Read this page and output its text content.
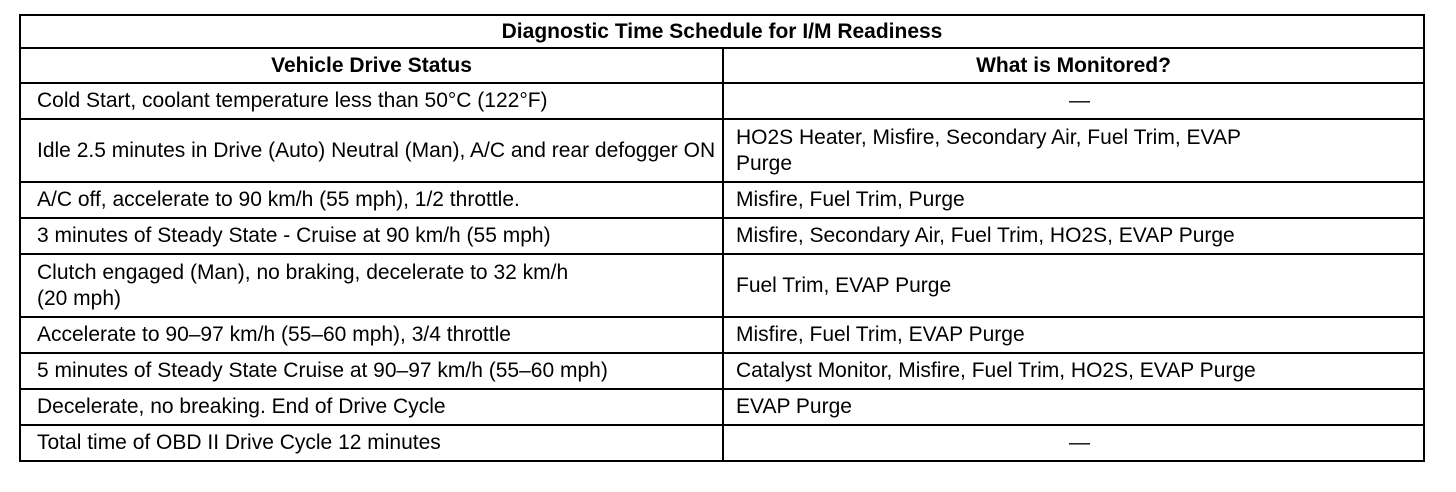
Diagnostic Time Schedule for I/M Readiness	
Vehicle Drive Status	What is Monitored?
Cold Start, coolant temperature less than 50°C (122°F)	—
Idle 2.5 minutes in Drive (Auto) Neutral (Man), A/C and rear defogger ON	HO2S Heater, Misfire, Secondary Air, Fuel Trim, EVAP Purge
A/C off, accelerate to 90 km/h (55 mph), 1/2 throttle.	Misfire, Fuel Trim, Purge
3 minutes of Steady State - Cruise at 90 km/h (55 mph)	Misfire, Secondary Air, Fuel Trim, HO2S, EVAP Purge
Clutch engaged (Man), no braking, decelerate to 32 km/h (20 mph)	Fuel Trim, EVAP Purge
Accelerate to 90–97 km/h (55–60 mph), 3/4 throttle	Misfire, Fuel Trim, EVAP Purge
5 minutes of Steady State Cruise at 90–97 km/h (55–60 mph)	Catalyst Monitor, Misfire, Fuel Trim, HO2S, EVAP Purge
Decelerate, no breaking. End of Drive Cycle	EVAP Purge
Total time of OBD II Drive Cycle 12 minutes	—
